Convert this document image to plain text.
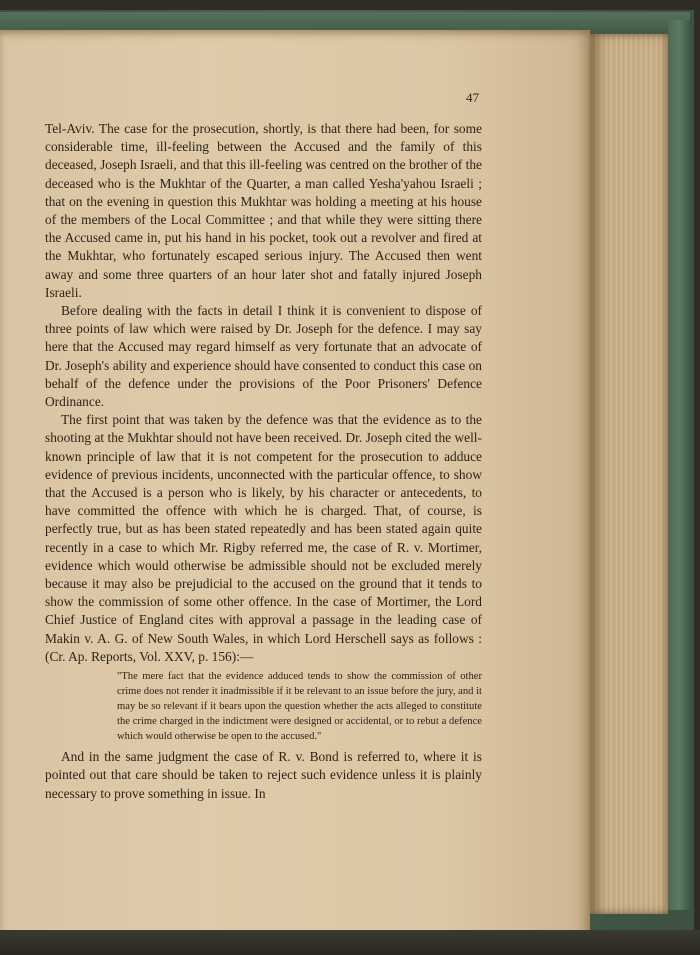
47

Tel-Aviv. The case for the prosecution, shortly, is that there had been, for some considerable time, ill-feeling between the Accused and the family of this deceased, Joseph Israeli, and that this ill-feeling was centred on the brother of the deceased who is the Mukhtar of the Quarter, a man called Yesha'yahou Israeli ; that on the evening in question this Mukhtar was holding a meeting at his house of the members of the Local Committee ; and that while they were sitting there the Accused came in, put his hand in his pocket, took out a revolver and fired at the Mukhtar, who fortunately escaped serious injury. The Accused then went away and some three quarters of an hour later shot and fatally injured Joseph Israeli.

Before dealing with the facts in detail I think it is convenient to dispose of three points of law which were raised by Dr. Joseph for the defence. I may say here that the Accused may regard himself as very fortunate that an advocate of Dr. Joseph's ability and experience should have consented to conduct this case on behalf of the defence under the provisions of the Poor Prisoners' Defence Ordinance.

The first point that was taken by the defence was that the evidence as to the shooting at the Mukhtar should not have been received. Dr. Joseph cited the well-known principle of law that it is not competent for the prosecution to adduce evidence of previous incidents, unconnected with the particular offence, to show that the Accused is a person who is likely, by his character or antecedents, to have committed the offence with which he is charged. That, of course, is perfectly true, but as has been stated repeatedly and has been stated again quite recently in a case to which Mr. Rigby referred me, the case of R. v. Mortimer, evidence which would otherwise be admissible should not be excluded merely because it may also be prejudicial to the accused on the ground that it tends to show the commission of some other offence. In the case of Mortimer, the Lord Chief Justice of England cites with approval a passage in the leading case of Makin v. A. G. of New South Wales, in which Lord Herschell says as follows : (Cr. Ap. Reports, Vol. XXV, p. 156):—

"The mere fact that the evidence adduced tends to show the commission of other crime does not render it inadmissible if it be relevant to an issue before the jury, and it may be so relevant if it bears upon the question whether the acts alleged to constitute the crime charged in the indictment were designed or accidental, or to rebut a defence which would otherwise be open to the accused."

And in the same judgment the case of R. v. Bond is referred to, where it is pointed out that care should be taken to reject such evidence unless it is plainly necessary to prove something in issue. In
